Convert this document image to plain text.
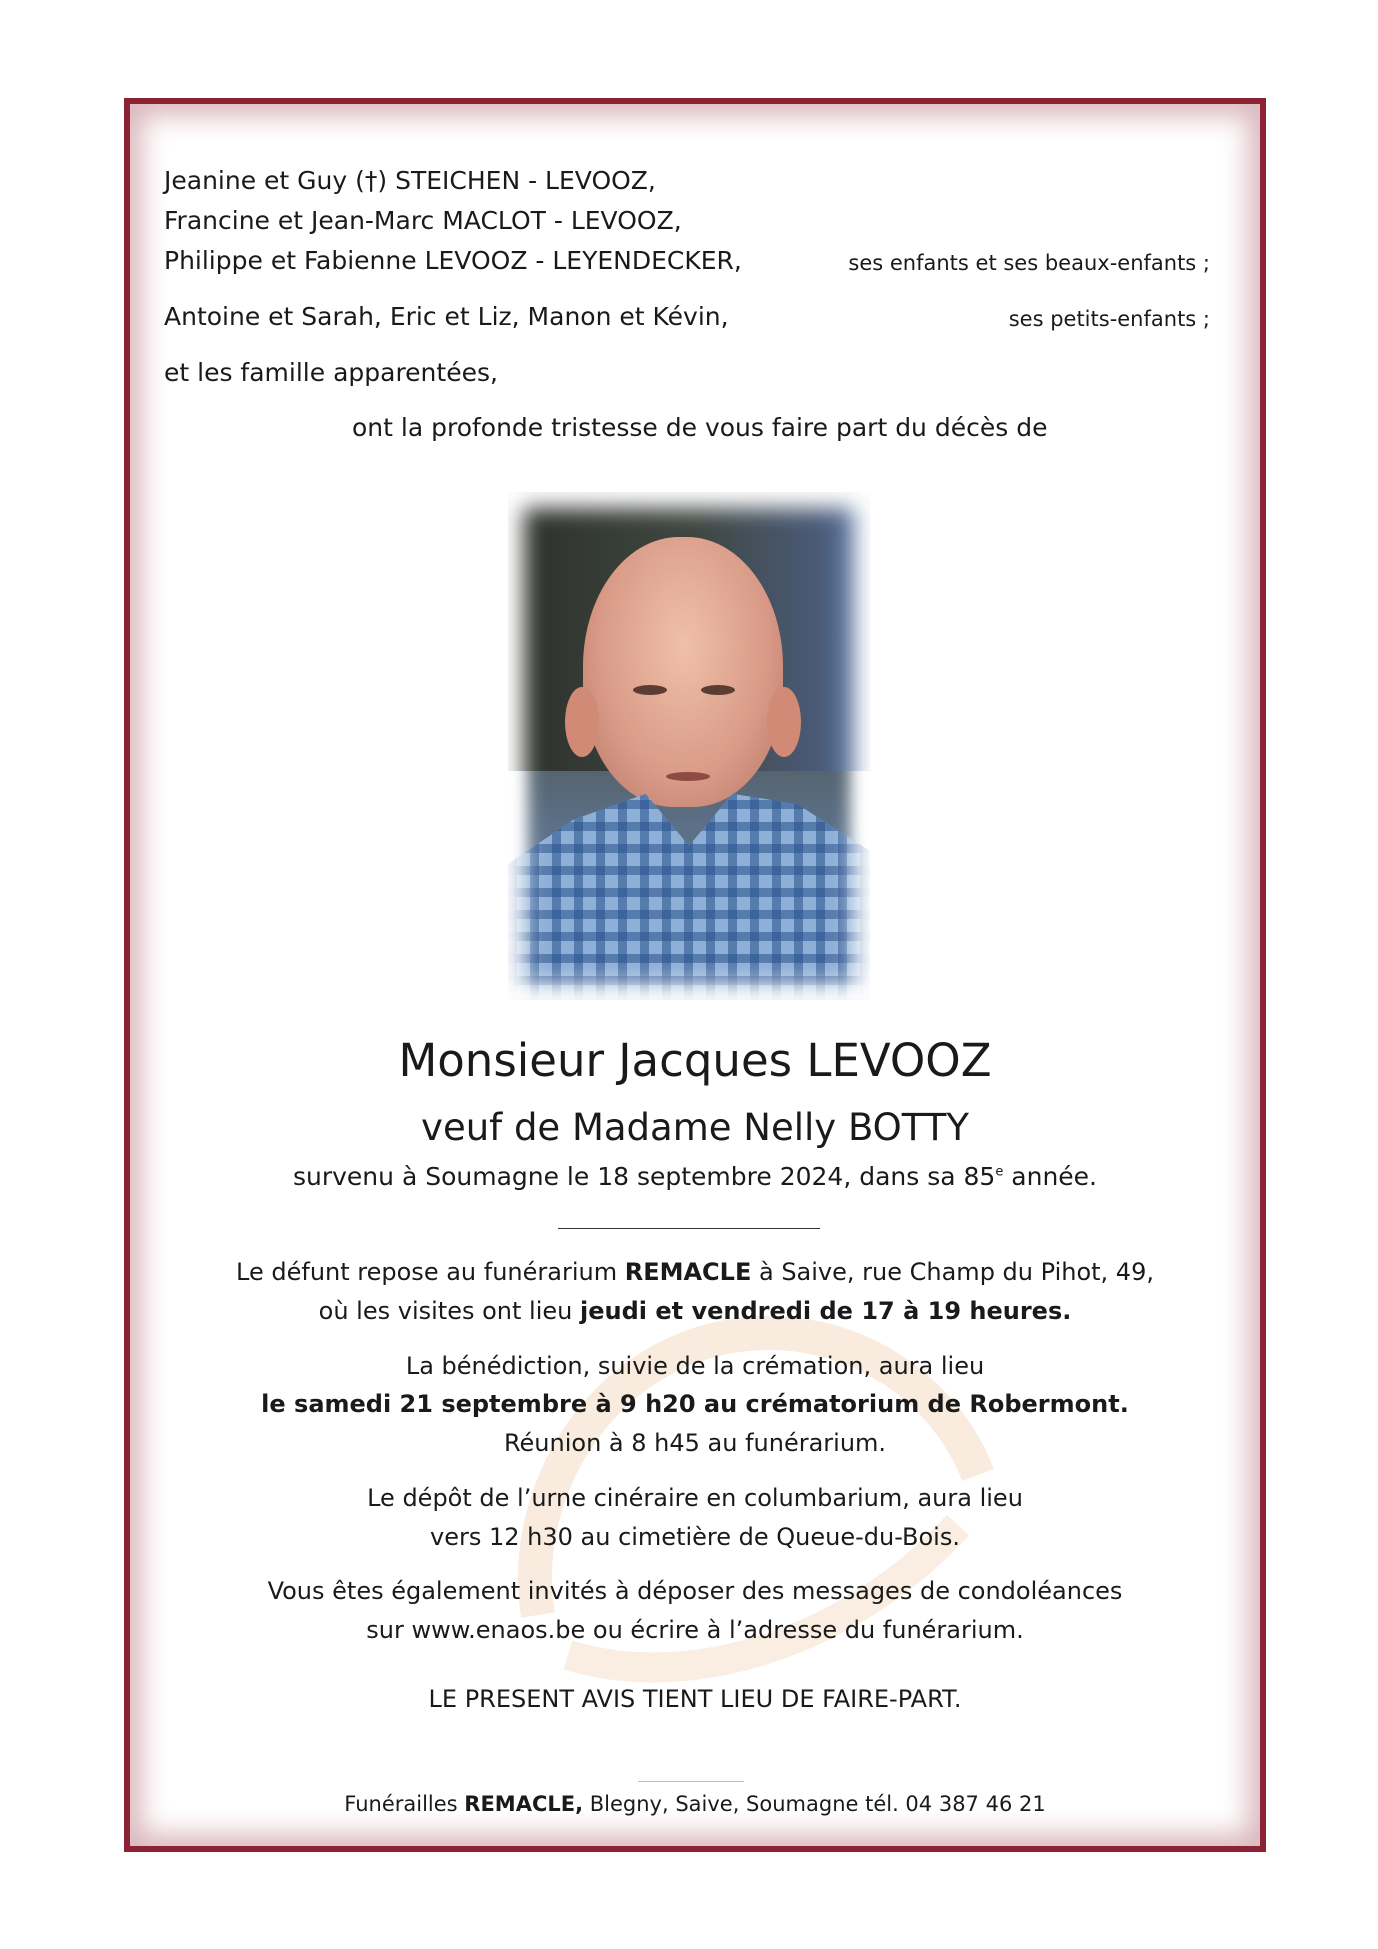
Jeanine et Guy (†) STEICHEN - LEVOOZ,
Francine et Jean-Marc MACLOT - LEVOOZ,
Philippe et Fabienne LEVOOZ - LEYENDECKER,	ses enfants et ses beaux-enfants ;
Antoine et Sarah, Eric et Liz, Manon et Kévin,	ses petits-enfants ;
et les famille apparentées,
ont la profonde tristesse de vous faire part du décès de
Monsieur Jacques LEVOOZ
veuf de Madame Nelly BOTTY
survenu à Soumagne le 18 septembre 2024, dans sa 85e année.
Le défunt repose au funérarium REMACLE à Saive, rue Champ du Pihot, 49,
où les visites ont lieu jeudi et vendredi de 17 à 19 heures.
La bénédiction, suivie de la crémation, aura lieu
le samedi 21 septembre à 9 h20 au crématorium de Robermont.
Réunion à 8 h45 au funérarium.
Le dépôt de l’urne cinéraire en columbarium, aura lieu
vers 12 h30 au cimetière de Queue-du-Bois.
Vous êtes également invités à déposer des messages de condoléances
sur www.enaos.be ou écrire à l’adresse du funérarium.
LE PRESENT AVIS TIENT LIEU DE FAIRE-PART.
Funérailles REMACLE, Blegny, Saive, Soumagne tél. 04 387 46 21
